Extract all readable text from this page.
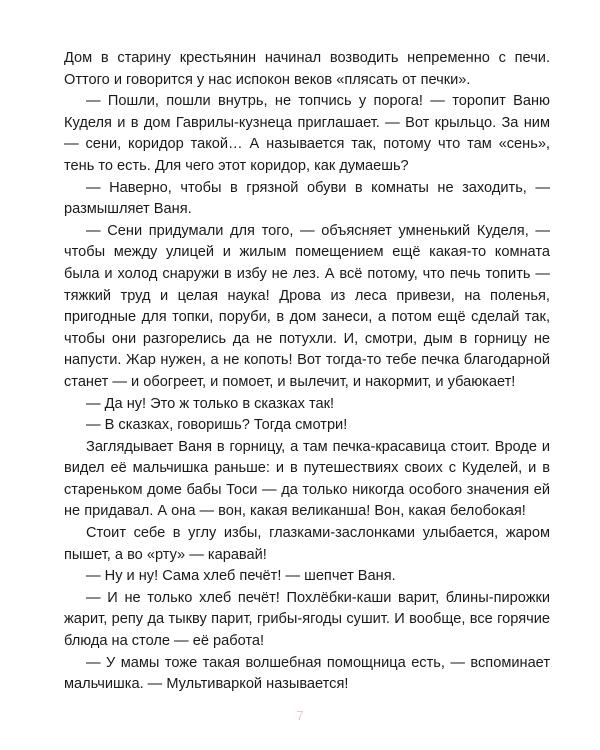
Дом в старину крестьянин начинал возводить непременно с печи. Оттого и говорится у нас испокон веков «плясать от печки».

— Пошли, пошли внутрь, не топчись у порога! — торопит Ваню Куделя и в дом Гаврилы-кузнеца приглашает. — Вот крыльцо. За ним — сени, коридор такой… А называется так, потому что там «сень», тень то есть. Для чего этот коридор, как думаешь?

— Наверно, чтобы в грязной обуви в комнаты не заходить, — размышляет Ваня.

— Сени придумали для того, — объясняет умненький Куделя, — чтобы между улицей и жилым помещением ещё какая-то комната была и холод снаружи в избу не лез. А всё потому, что печь топить — тяжкий труд и целая наука! Дрова из леса привези, на поленья, пригодные для топки, поруби, в дом занеси, а потом ещё сделай так, чтобы они разгорелись да не потухли. И, смотри, дым в горницу не напусти. Жар нужен, а не копоть! Вот тогда-то тебе печка благодарной станет — и обогреет, и помоет, и вылечит, и накормит, и убаюкает!

— Да ну! Это ж только в сказках так!

— В сказках, говоришь? Тогда смотри!

Заглядывает Ваня в горницу, а там печка-красавица стоит. Вроде и видел её мальчишка раньше: и в путешествиях своих с Куделей, и в стареньком доме бабы Тоси — да только никогда особого значения ей не придавал. А она — вон, какая великанша! Вон, какая белобокая!

Стоит себе в углу избы, глазками-заслонками улыбается, жаром пышет, а во «рту» — каравай!

— Ну и ну! Сама хлеб печёт! — шепчет Ваня.

— И не только хлеб печёт! Похлёбки-каши варит, блины-пирожки жарит, репу да тыкву парит, грибы-ягоды сушит. И вообще, все горячие блюда на столе — её работа!

— У мамы тоже такая волшебная помощница есть, — вспоминает мальчишка. — Мультиваркой называется!

7
